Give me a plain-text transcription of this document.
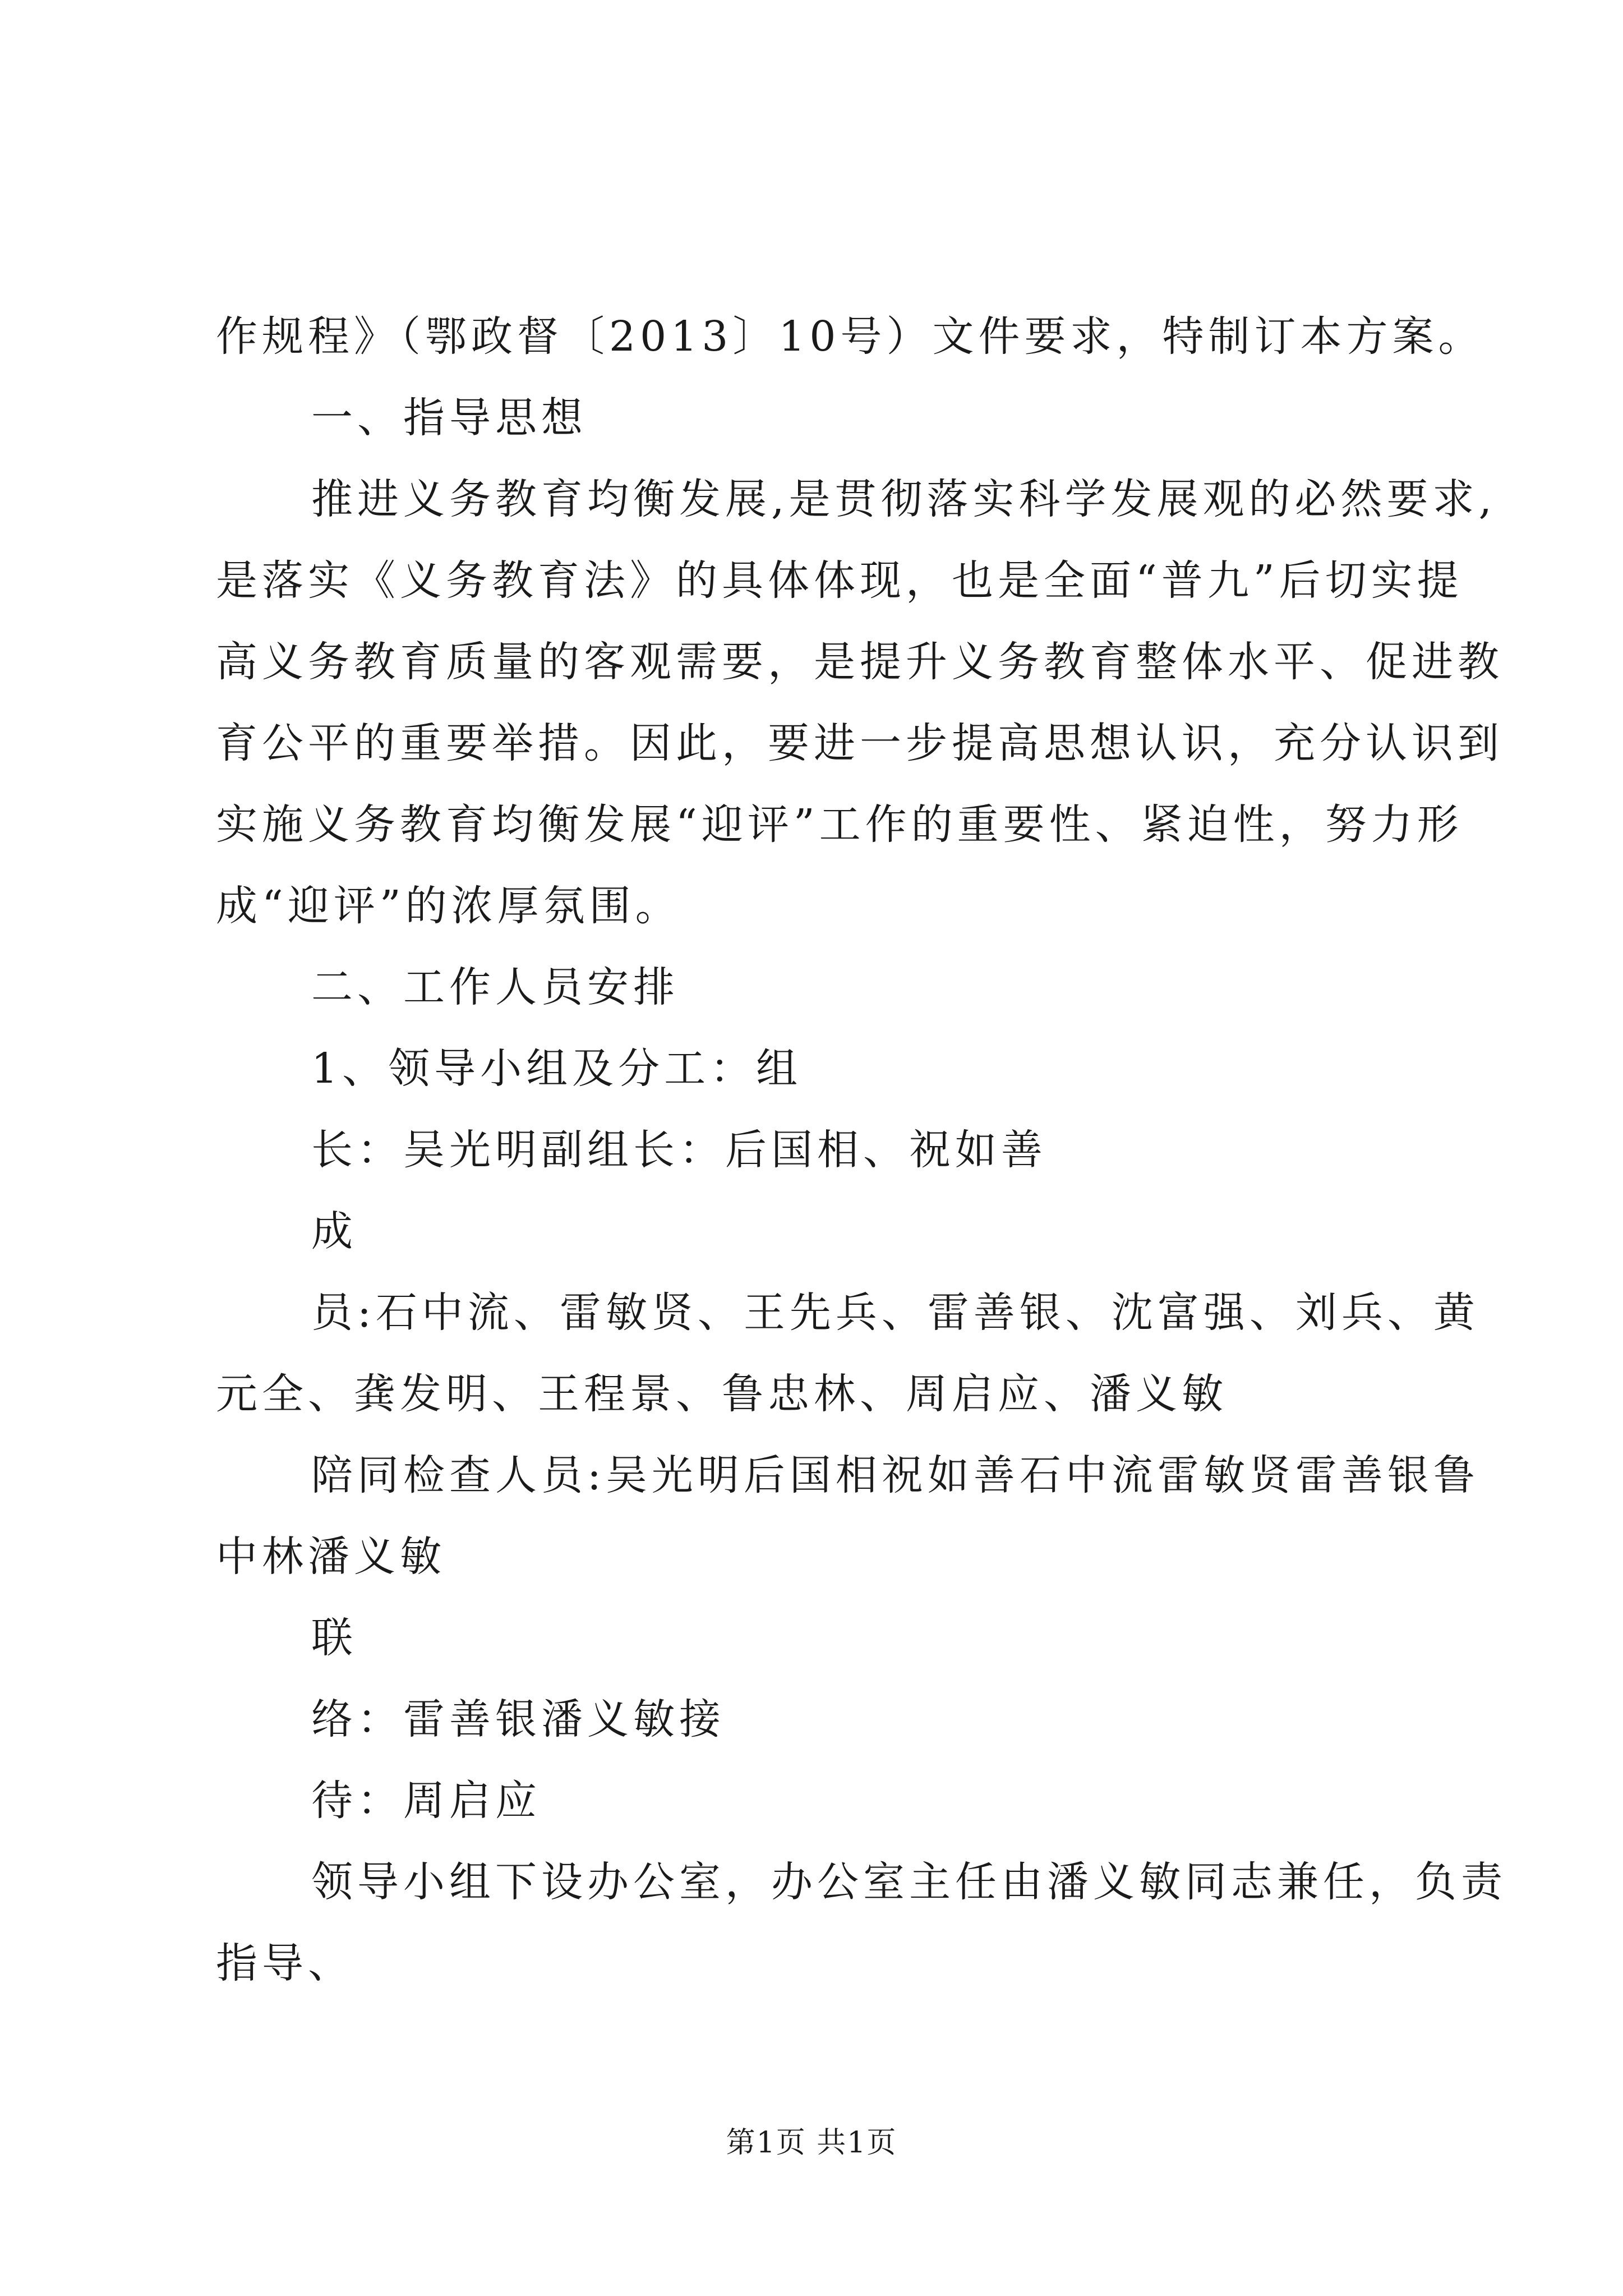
作规程》（鄂政督〔2013〕10号）文件要求，特制订本方案。
一、指导思想
推进义务教育均衡发展,是贯彻落实科学发展观的必然要求,
是落实《义务教育法》的具体体现，也是全面“普九”后切实提
高义务教育质量的客观需要，是提升义务教育整体水平、促进教
育公平的重要举措。因此，要进一步提高思想认识，充分认识到
实施义务教育均衡发展“迎评”工作的重要性、紧迫性，努力形
成“迎评”的浓厚氛围。
二、工作人员安排
1、领导小组及分工：组
长：吴光明副组长：后国相、祝如善
成
员:石中流、雷敏贤、王先兵、雷善银、沈富强、刘兵、黄
元全、龚发明、王程景、鲁忠林、周启应、潘义敏
陪同检查人员:吴光明后国相祝如善石中流雷敏贤雷善银鲁
中林潘义敏
联
络：雷善银潘义敏接
待：周启应
领导小组下设办公室，办公室主任由潘义敏同志兼任，负责
指导、
第1页 共1页
